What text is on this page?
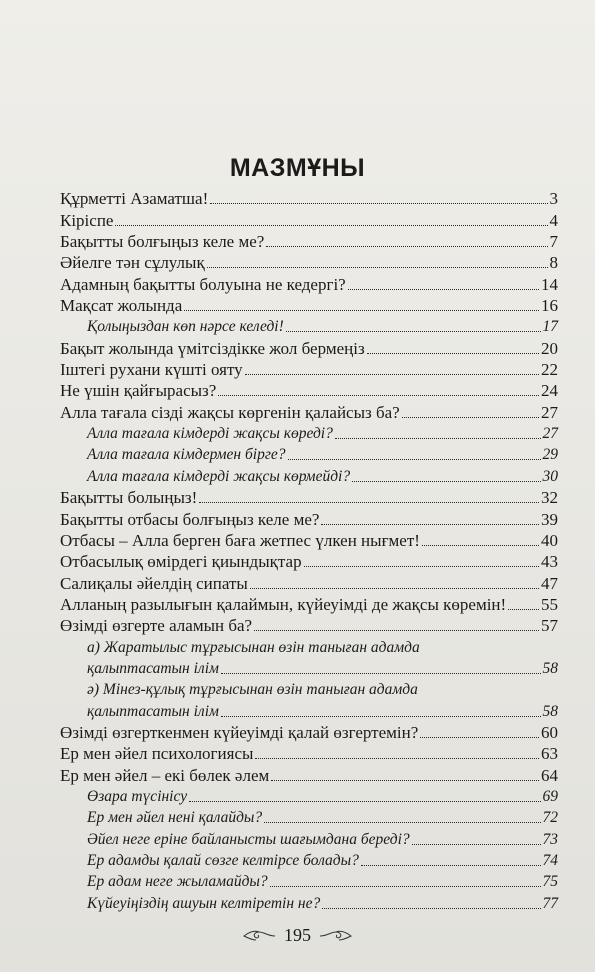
МАЗМҰНЫ
Құрметті Азаматша!	3
Кіріспе	4
Бақытты болғыңыз келе ме?	7
Әйелге тән сұлулық	8
Адамның бақытты болуына не кедергі?	14
Мақсат жолында	16
Қолыңыздан көп нәрсе келеді!	17
Бақыт жолында үмітсіздікке жол бермеңіз	20
Іштегі рухани күшті ояту	22
Не үшін қайғырасыз?	24
Алла тағала сізді жақсы көргенін қалайсыз ба?	27
Алла тағала кімдерді жақсы көреді?	27
Алла тағала кімдермен бірге?	29
Алла тағала кімдерді жақсы көрмейді?	30
Бақытты болыңыз!	32
Бақытты отбасы болғыңыз келе ме?	39
Отбасы – Алла берген баға жетпес үлкен нығмет!	40
Отбасылық өмірдегі қиындықтар	43
Салиқалы әйелдің сипаты	47
Алланың разылығын қалаймын, күйеуімді де жақсы көремін! 55
Өзімді өзгерте аламын ба?	57
а) Жаратылыс тұрғысынан өзін таныған адамда
қалыптасатын ілім	58
ә) Мінез-құлық тұрғысынан өзін таныған адамда
қалыптасатын ілім	58
Өзімді өзгерткенмен күйеуімді қалай өзгертемін?	60
Ер мен әйел психологиясы	63
Ер мен әйел – екі бөлек әлем	64
Өзара түсінісу	69
Ер мен әйел нені қалайды?	72
Әйел неге еріне байланысты шағымдана береді?	73
Ер адамды қалай сөзге келтірсе болады?	74
Ер адам неге жыламайды?	75
Күйеуіңіздің ашуын келтіретін не?	77
195
